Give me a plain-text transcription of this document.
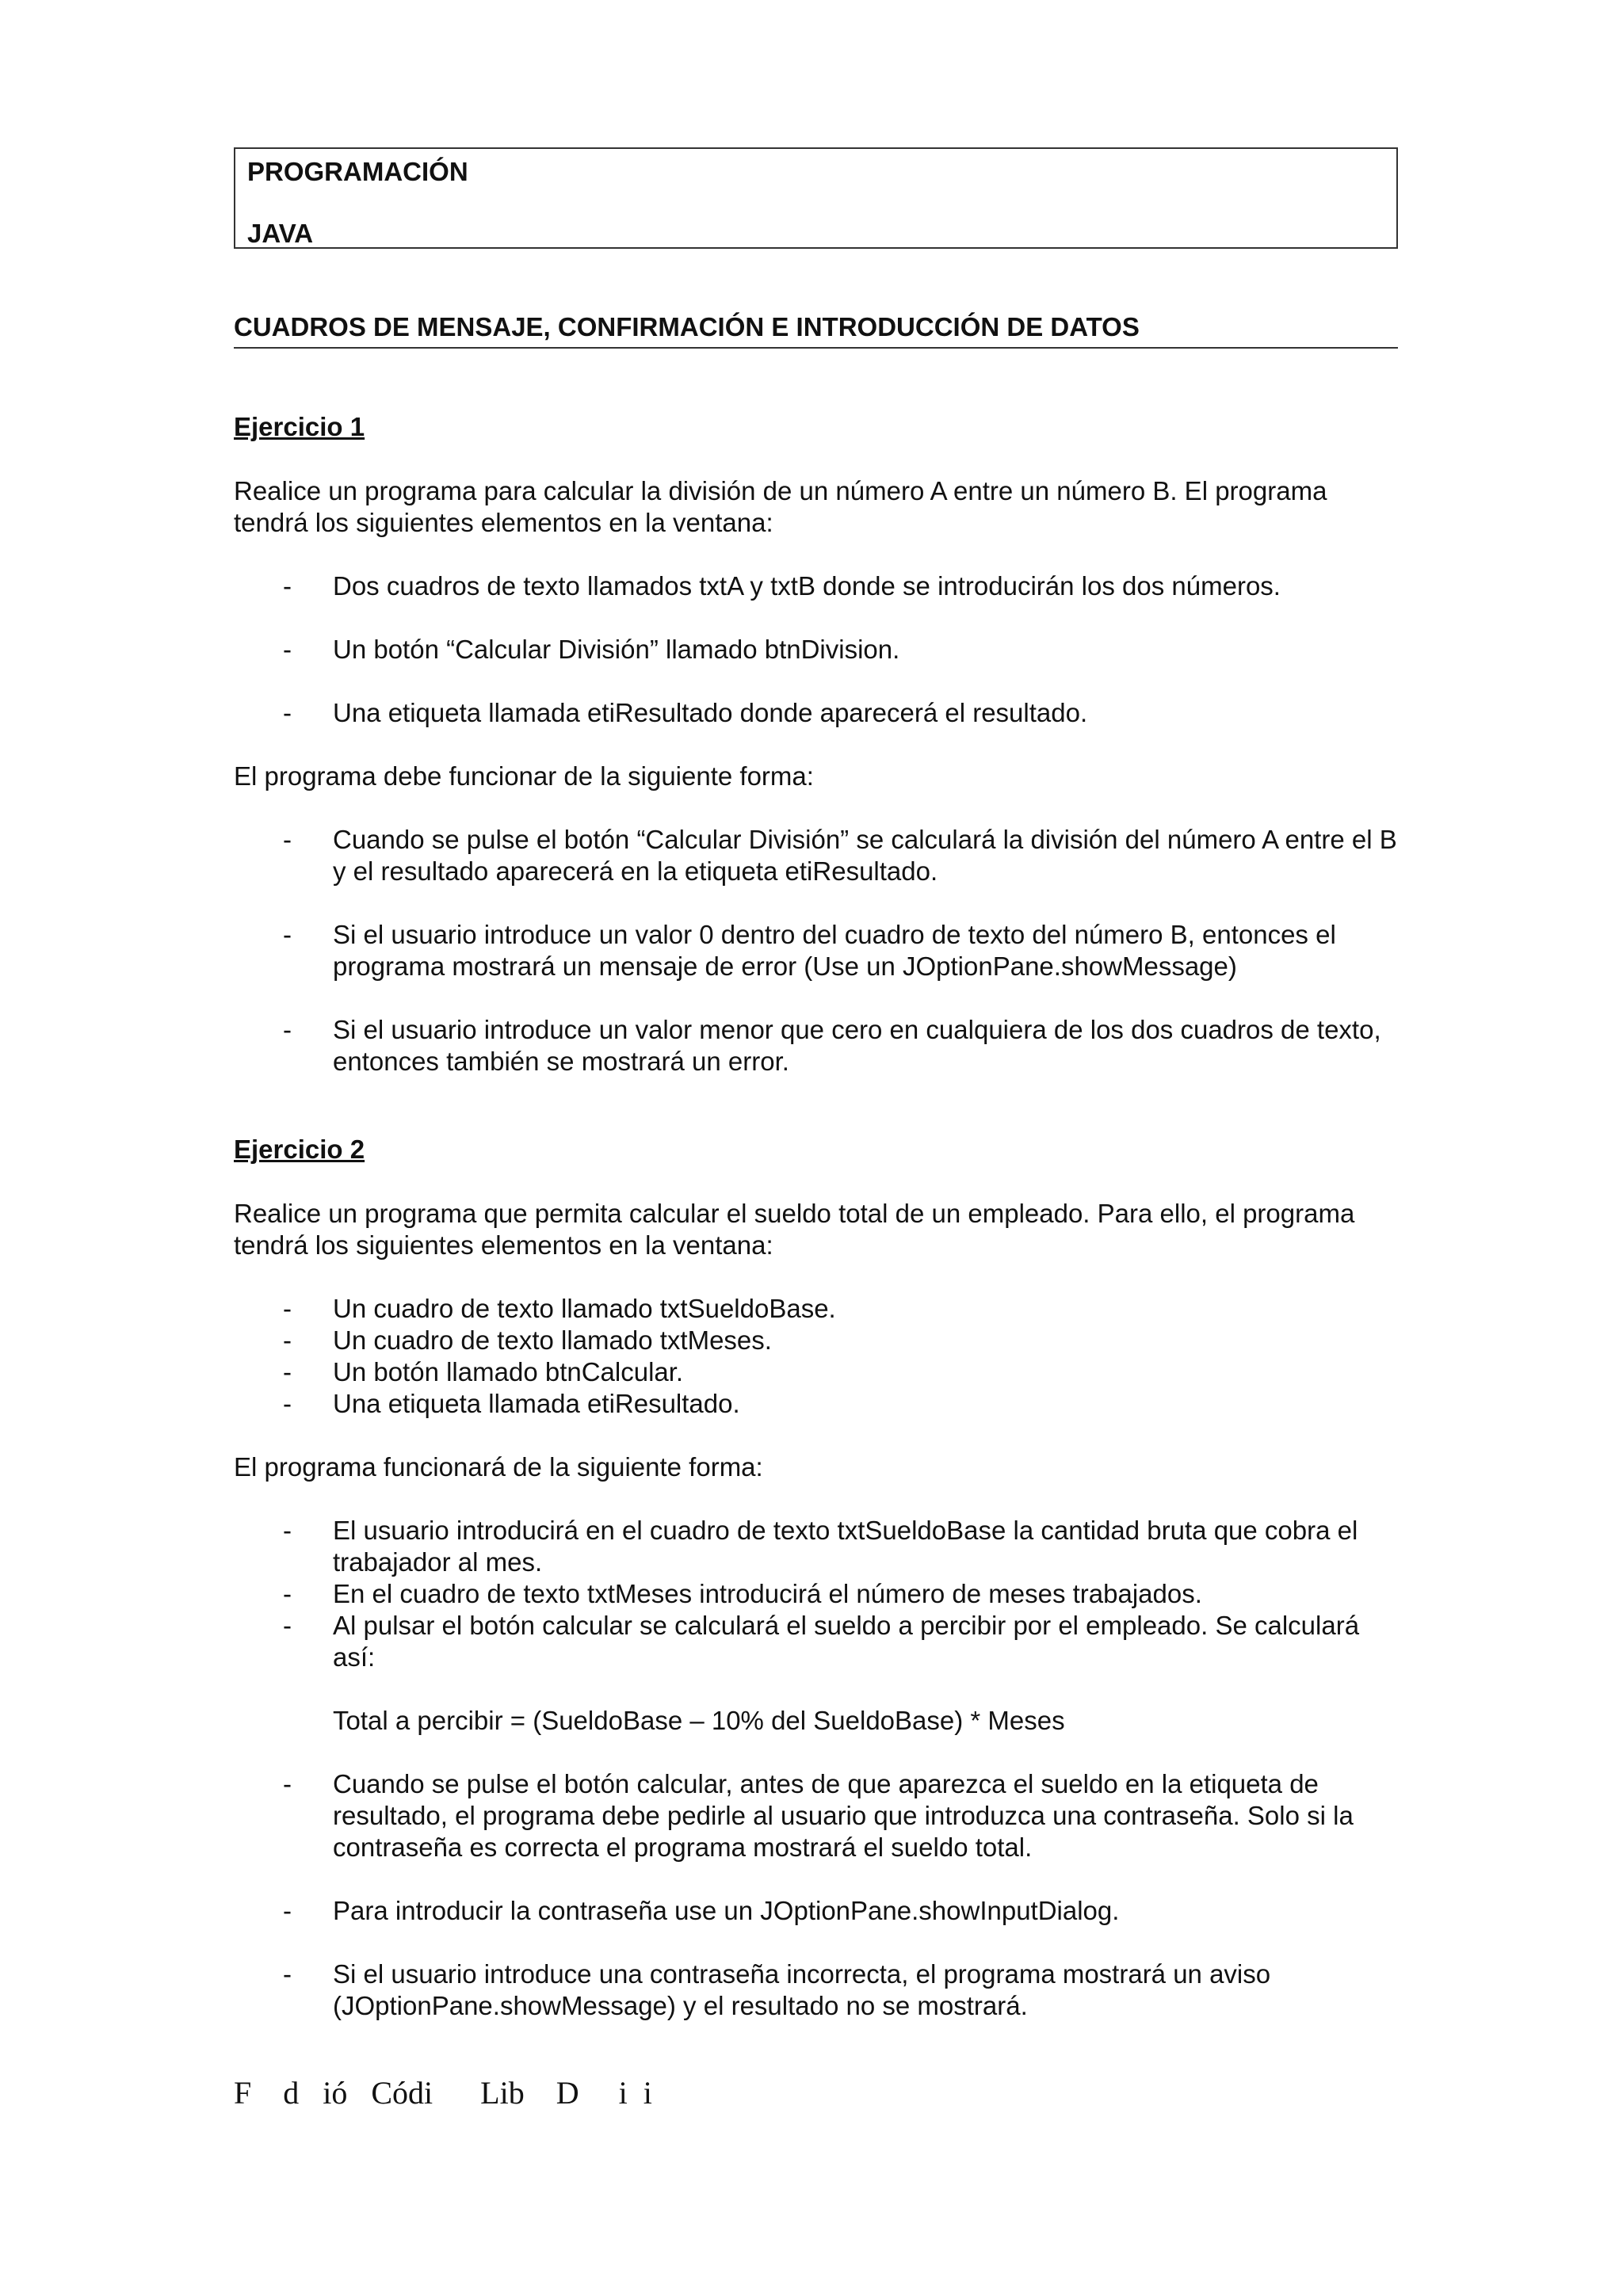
PROGRAMACIÓN
JAVA
CUADROS DE MENSAJE, CONFIRMACIÓN E INTRODUCCIÓN DE DATOS
Ejercicio 1
Realice un programa para calcular la división de un número A entre un número B. El programa tendrá los siguientes elementos en la ventana:
- Dos cuadros de texto llamados txtA y txtB donde se introducirán los dos números.
- Un botón “Calcular División” llamado btnDivision.
- Una etiqueta llamada etiResultado donde aparecerá el resultado.
El programa debe funcionar de la siguiente forma:
- Cuando se pulse el botón “Calcular División” se calculará la división del número A entre el B y el resultado aparecerá en la etiqueta etiResultado.
- Si el usuario introduce un valor 0 dentro del cuadro de texto del número B, entonces el programa mostrará un mensaje de error (Use un JOptionPane.showMessage)
- Si el usuario introduce un valor menor que cero en cualquiera de los dos cuadros de texto, entonces también se mostrará un error.
Ejercicio 2
Realice un programa que permita calcular el sueldo total de un empleado. Para ello, el programa tendrá los siguientes elementos en la ventana:
- Un cuadro de texto llamado txtSueldoBase.
- Un cuadro de texto llamado txtMeses.
- Un botón llamado btnCalcular.
- Una etiqueta llamada etiResultado.
El programa funcionará de la siguiente forma:
- El usuario introducirá en el cuadro de texto txtSueldoBase la cantidad bruta que cobra el trabajador al mes.
- En el cuadro de texto txtMeses introducirá el número de meses trabajados.
- Al pulsar el botón calcular se calculará el sueldo a percibir por el empleado. Se calculará así:
Total a percibir = (SueldoBase – 10% del SueldoBase) * Meses
- Cuando se pulse el botón calcular, antes de que aparezca el sueldo en la etiqueta de resultado, el programa debe pedirle al usuario que introduzca una contraseña. Solo si la contraseña es correcta el programa mostrará el sueldo total.
- Para introducir la contraseña use un JOptionPane.showInputDialog.
- Si el usuario introduce una contraseña incorrecta, el programa mostrará un aviso (JOptionPane.showMessage) y el resultado no se mostrará.
F    d   ió   Códi      Lib    D     i  i
